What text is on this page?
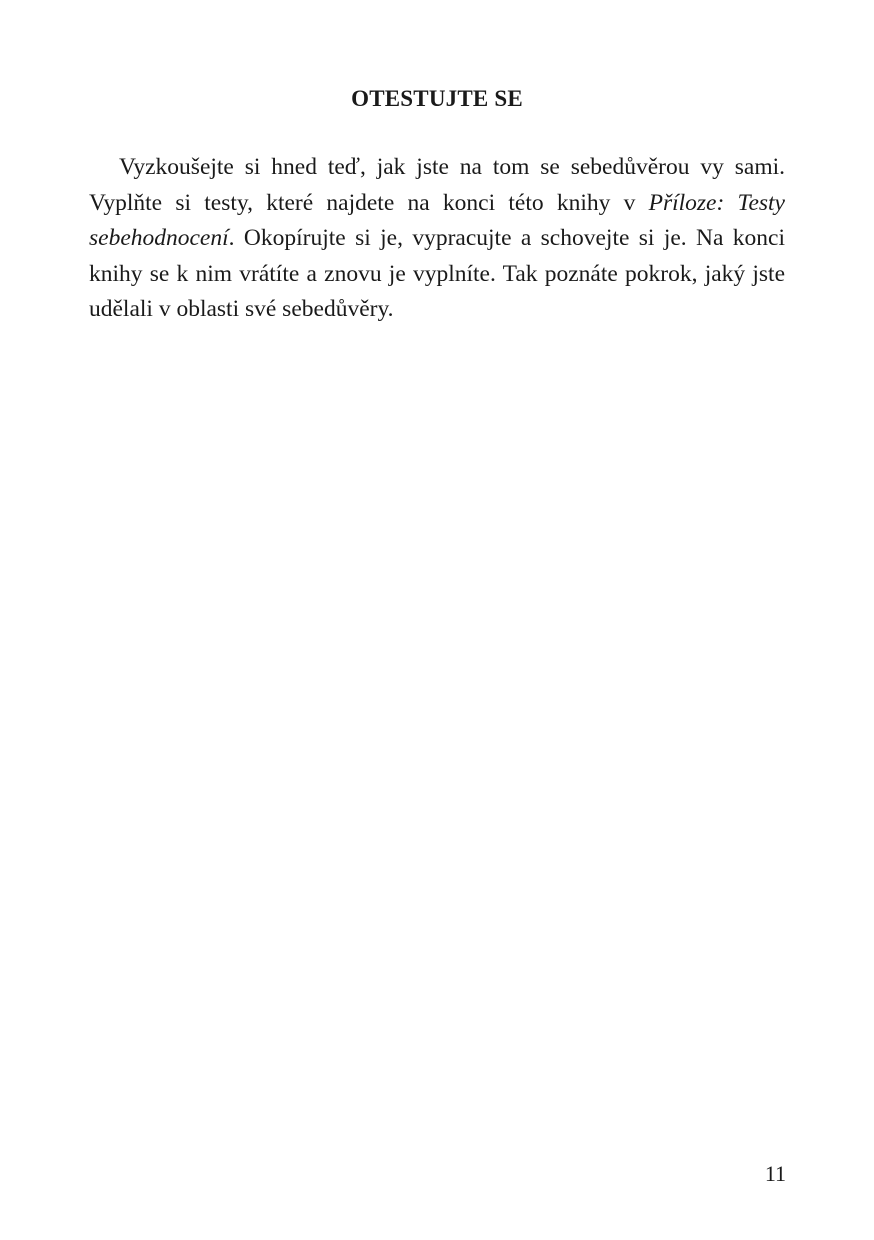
OTESTUJTE SE

Vyzkoušejte si hned teď, jak jste na tom se sebedůvěrou vy sami. Vyplňte si testy, které najdete na konci této knihy v Příloze: Testy sebehodnocení. Okopírujte si je, vypracujte a schovejte si je. Na konci knihy se k nim vrátíte a znovu je vyplníte. Tak poznáte pokrok, jaký jste udělali v oblasti své sebedůvěry.

11
